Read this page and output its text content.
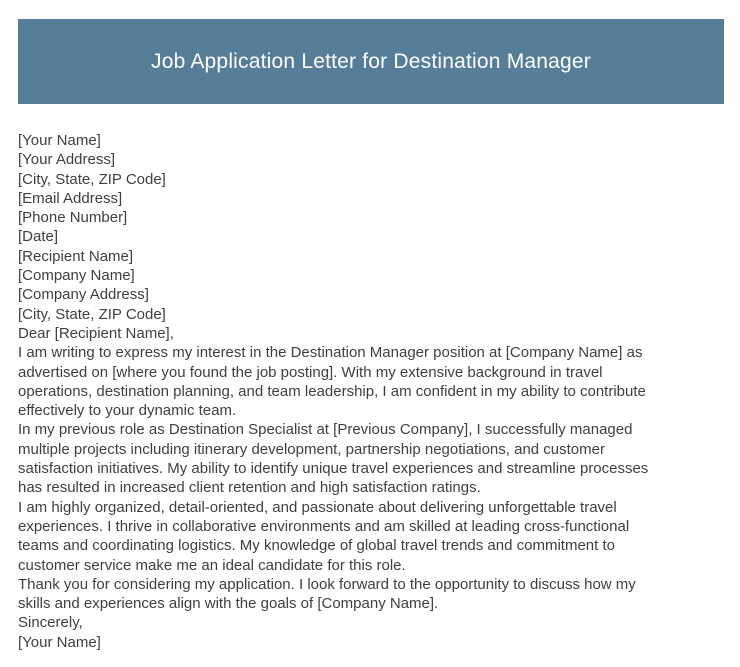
Job Application Letter for Destination Manager
[Your Name]
[Your Address]
[City, State, ZIP Code]
[Email Address]
[Phone Number]
[Date]
[Recipient Name]
[Company Name]
[Company Address]
[City, State, ZIP Code]
Dear [Recipient Name],
I am writing to express my interest in the Destination Manager position at [Company Name] as
advertised on [where you found the job posting]. With my extensive background in travel
operations, destination planning, and team leadership, I am confident in my ability to contribute
effectively to your dynamic team.
In my previous role as Destination Specialist at [Previous Company], I successfully managed
multiple projects including itinerary development, partnership negotiations, and customer
satisfaction initiatives. My ability to identify unique travel experiences and streamline processes
has resulted in increased client retention and high satisfaction ratings.
I am highly organized, detail-oriented, and passionate about delivering unforgettable travel
experiences. I thrive in collaborative environments and am skilled at leading cross-functional
teams and coordinating logistics. My knowledge of global travel trends and commitment to
customer service make me an ideal candidate for this role.
Thank you for considering my application. I look forward to the opportunity to discuss how my
skills and experiences align with the goals of [Company Name].
Sincerely,
[Your Name]
